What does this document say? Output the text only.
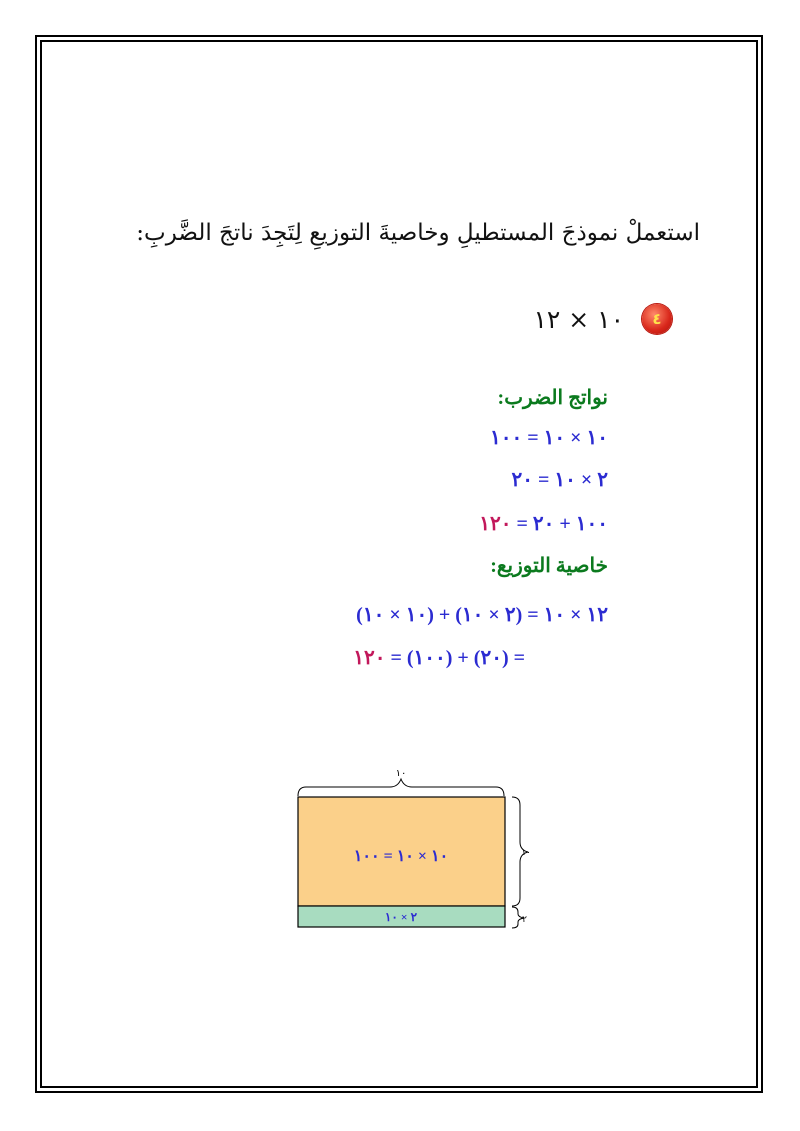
استعملْ نموذجَ المستطيلِ وخاصيةَ التوزيعِ لِتَجِدَ ناتجَ الضَّربِ:
٤
١٠ × ١٢
نواتج الضرب:
١٠ × ١٠ = ١٠٠
٢ × ١٠ = ٢٠
١٠٠ + ٢٠ = ١٢٠
خاصية التوزيع:
١٢ × ١٠ = (٢ × ١٠) + (١٠ × ١٠)
= (٢٠) + (١٠٠) = ١٢٠
١٠
١٠ × ١٠ = ١٠٠
٢ × ١٠
١٠
٢
